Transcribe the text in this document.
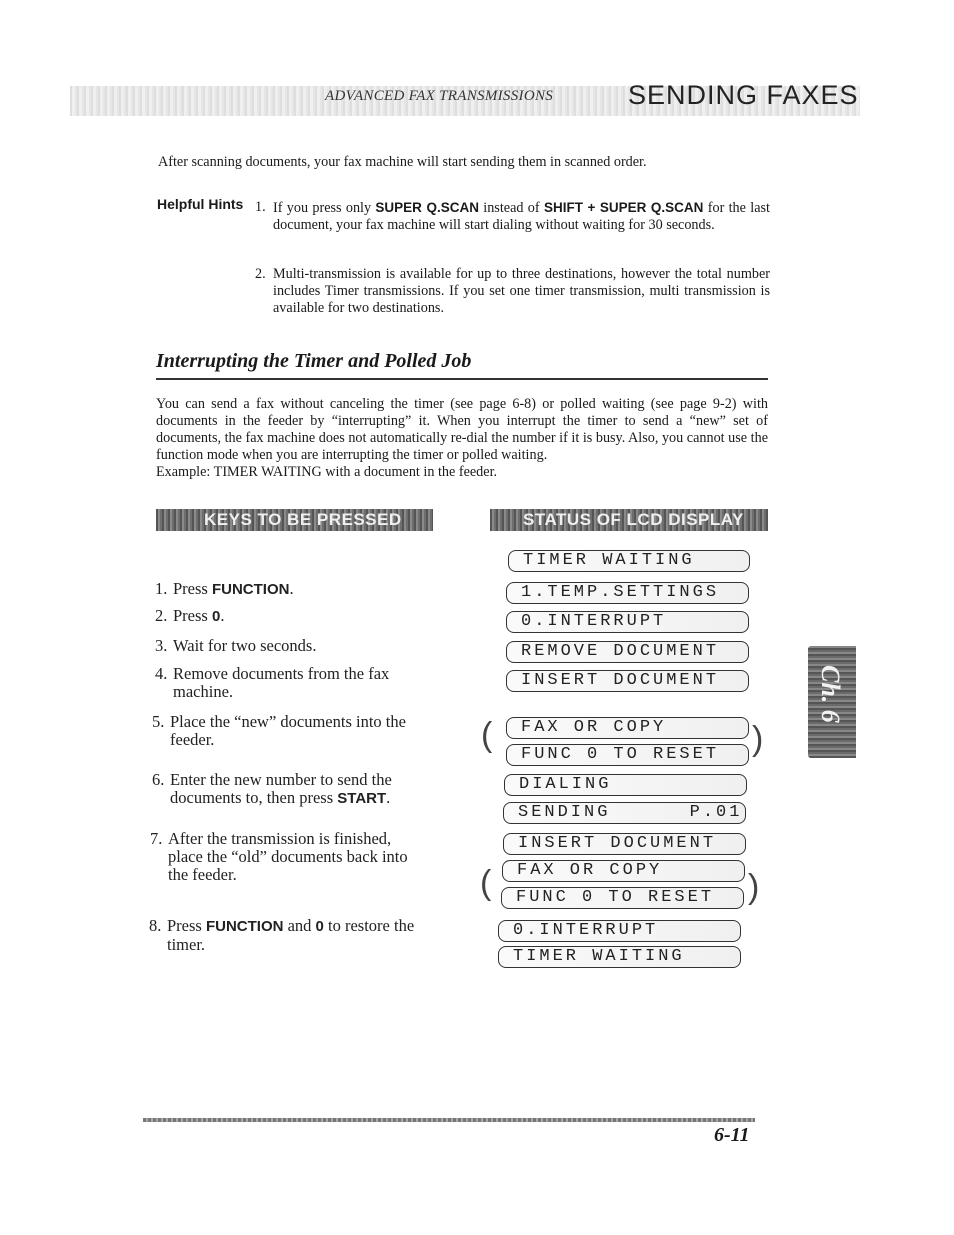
ADVANCED FAX TRANSMISSIONS	SENDING FAXES
After scanning documents, your fax machine will start sending them in scanned order.
Helpful Hints 1. If you press only SUPER Q.SCAN instead of SHIFT + SUPER Q.SCAN for the last document, your fax machine will start dialing without waiting for 30 seconds.
2. Multi-transmission is available for up to three destinations, however the total number includes Timer transmissions. If you set one timer transmission, multi transmission is available for two destinations.
Interrupting the Timer and Polled Job
You can send a fax without canceling the timer (see page 6-8) or polled waiting (see page 9-2) with documents in the feeder by “interrupting” it. When you interrupt the timer to send a “new” set of documents, the fax machine does not automatically re-dial the number if it is busy. Also, you cannot use the function mode when you are interrupting the timer or polled waiting.
Example: TIMER WAITING with a document in the feeder.
KEYS TO BE PRESSED	STATUS OF LCD DISPLAY
1. Press FUNCTION.
2. Press 0.
3. Wait for two seconds.
4. Remove documents from the fax machine.
5. Place the “new” documents into the feeder.
6. Enter the new number to send the documents to, then press START.
7. After the transmission is finished, place the “old” documents back into the feeder.
8. Press FUNCTION and 0 to restore the timer.
TIMER WAITING
1.TEMP.SETTINGS
0.INTERRUPT
REMOVE DOCUMENT
INSERT DOCUMENT
(	FAX OR COPY
FUNC 0 TO RESET )
DIALING
SENDING      P.01
INSERT DOCUMENT
(	FAX OR COPY
FUNC 0 TO RESET )
0.INTERRUPT
TIMER WAITING
Ch. 6
6-11
